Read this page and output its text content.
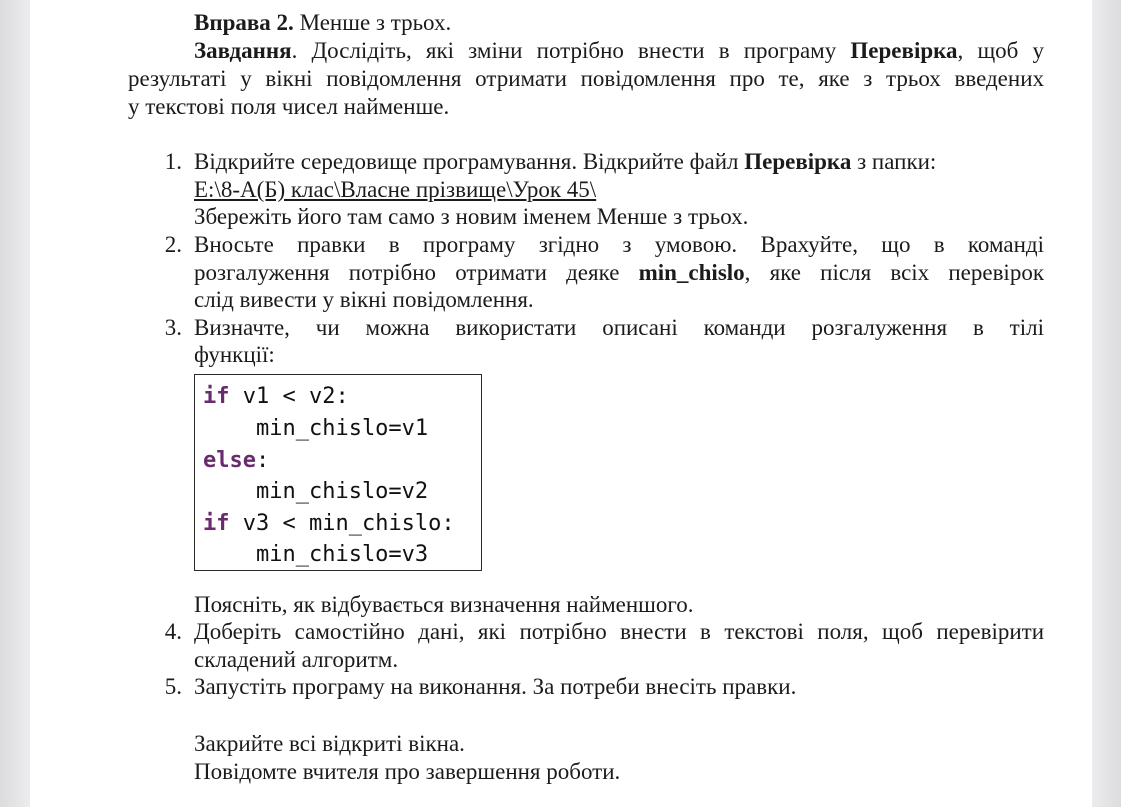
Вправа 2. Менше з трьох.
Завдання. Дослідіть, які зміни потрібно внести в програму Перевірка, щоб у
результаті у вікні повідомлення отримати повідомлення про те, яке з трьох введених
у текстові поля чисел найменше.
1. Відкрийте середовище програмування. Відкрийте файл Перевірка з папки:
E:\8-А(Б) клас\Власне прізвище\Урок 45\
Збережіть його там само з новим іменем Менше з трьох.
2. Вносьте правки в програму згідно з умовою. Врахуйте, що в команді
розгалуження потрібно отримати деяке min_chislo, яке після всіх перевірок
слід вивести у вікні повідомлення.
3. Визначте, чи можна використати описані команди розгалуження в тілі
функції:
if v1 < v2:
min_chislo=v1
else:
min_chislo=v2
if v3 < min_chislo:
min_chislo=v3
Поясніть, як відбувається визначення найменшого.
4. Доберіть самостійно дані, які потрібно внести в текстові поля, щоб перевірити
складений алгоритм.
5. Запустіть програму на виконання. За потреби внесіть правки.
Закрийте всі відкриті вікна.
Повідомте вчителя про завершення роботи.
